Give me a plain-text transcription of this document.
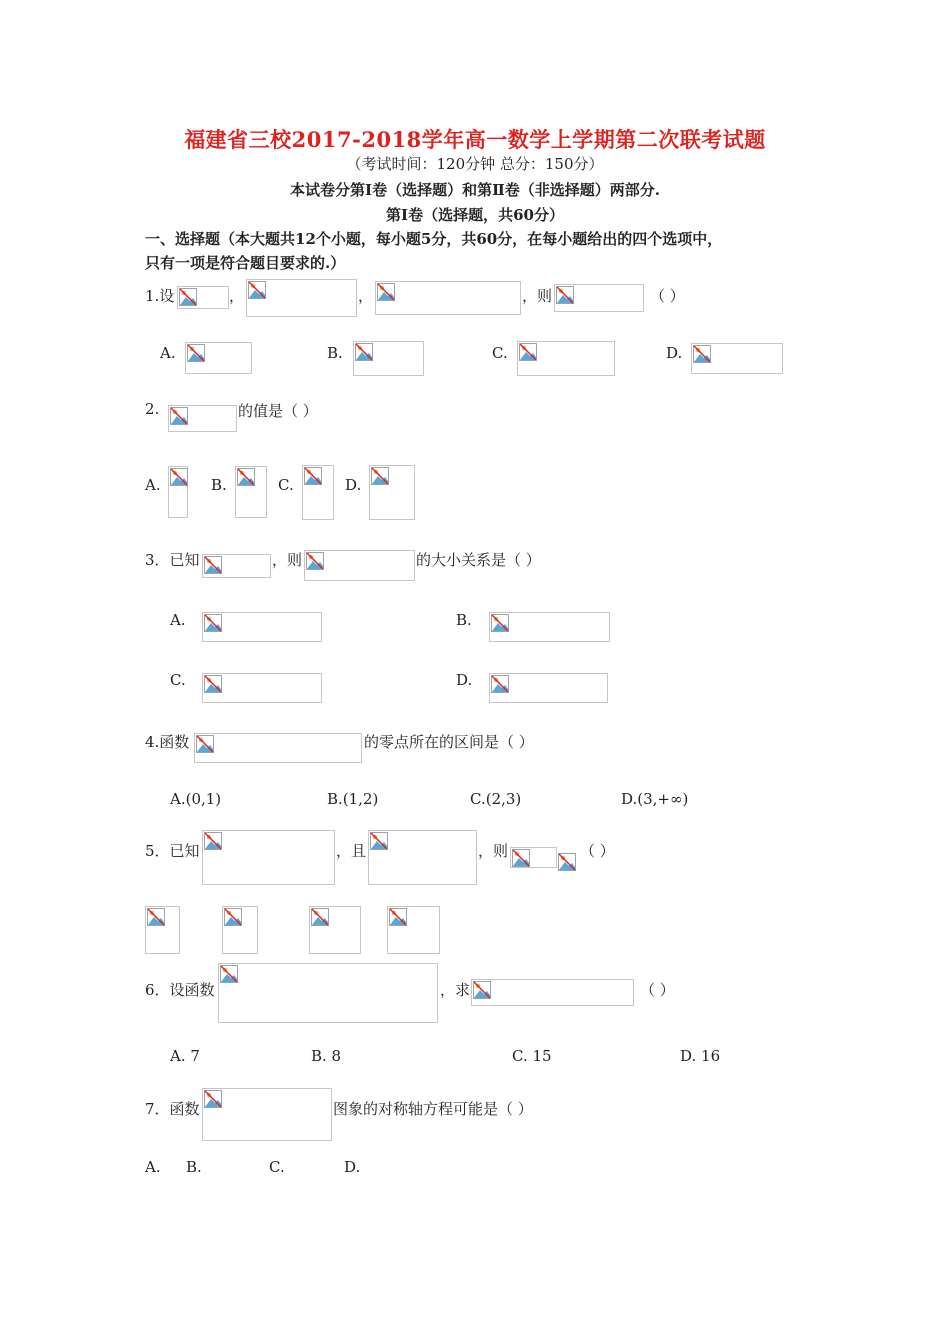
福建省三校2017-2018学年高一数学上学期第二次联考试题
（考试时间：120分钟 总分：150分）
本试卷分第Ⅰ卷（选择题）和第Ⅱ卷（非选择题）两部分.
第Ⅰ卷（选择题，共60分）
一、选择题（本大题共12个小题，每小题5分，共60分，在每小题给出的四个选项中，
只有一项是符合题目要求的.）
1.设	，	，	，则	（ ）
A.	B.	C.	D.
2.	的值是（ ）
A.	B.	C.	D.
3．已知	，则	的大小关系是（ ）
A.	B.
C.	D.
4.函数	的零点所在的区间是（ ）
A.(0,1)	B.(1,2)	C.(2,3)	D.(3,+∞)
5．已知	，且	，则	（ ）
6．设函数	，求	（ ）
A. 7	B. 8	C. 15	D. 16
7．函数	图象的对称轴方程可能是（ ）
A. B.	C.	D.
